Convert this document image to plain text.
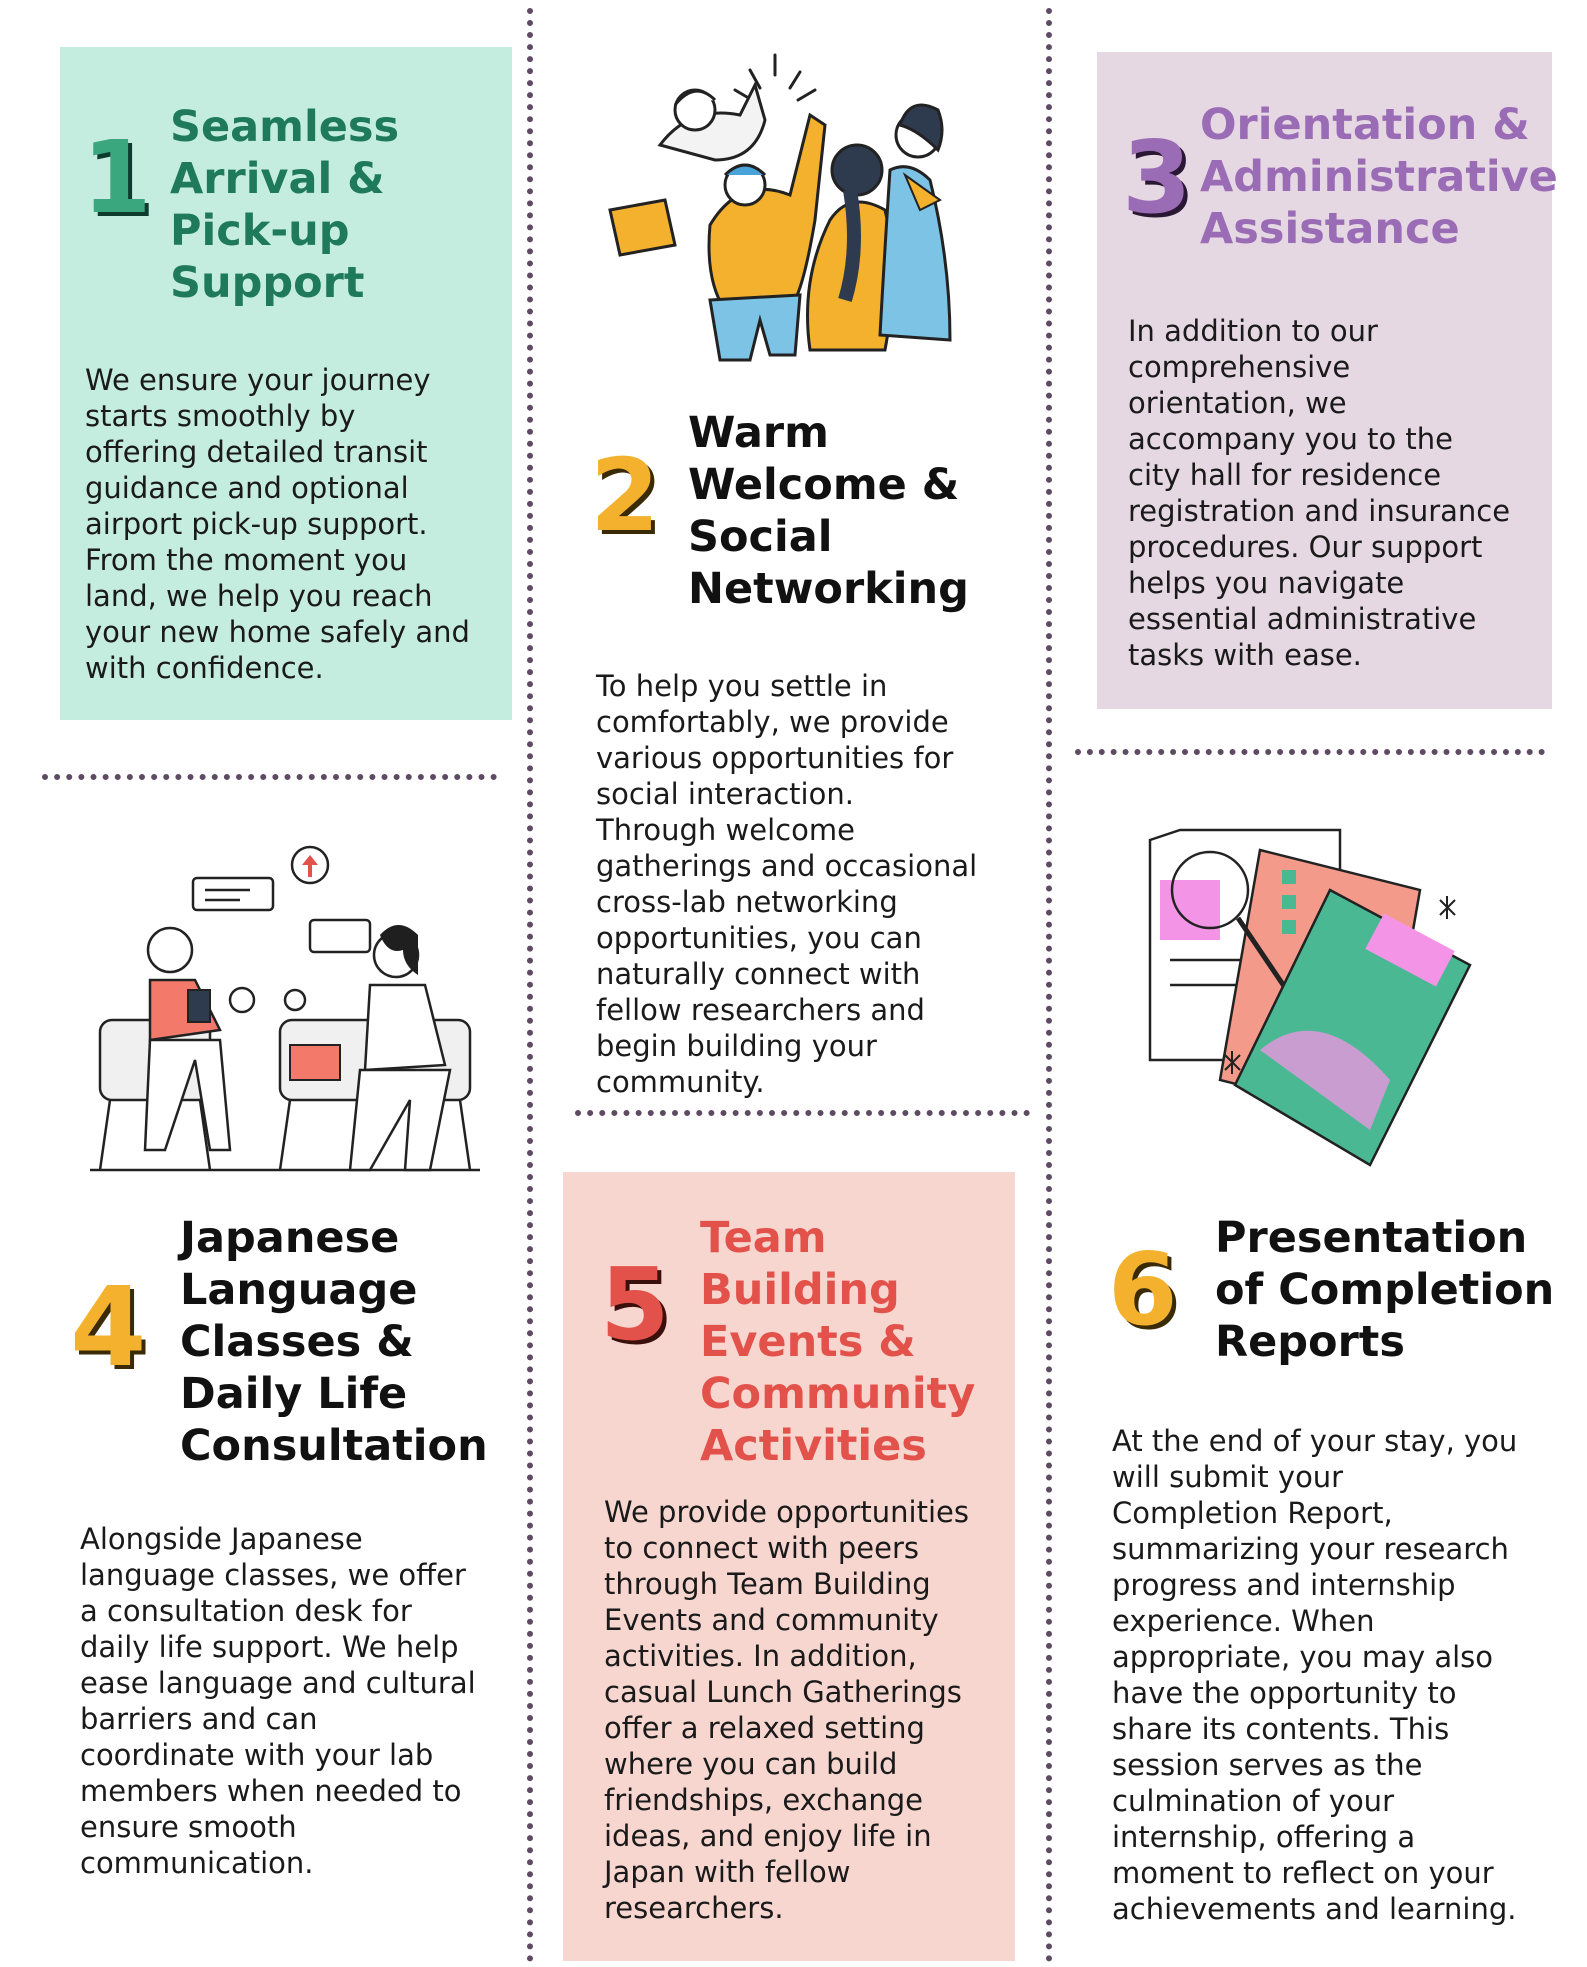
1 Seamless
Arrival &
Pick-up
Support
We ensure your journey
starts smoothly by
offering detailed transit
guidance and optional
airport pick-up support.
From the moment you
land, we help you reach
your new home safely and
with confidence.
2
Warm
Welcome &
Social
Networking
To help you settle in
comfortably, we provide
various opportunities for
social interaction.
Through welcome
gatherings and occasional
cross-lab networking
opportunities, you can
naturally connect with
fellow researchers and
begin building your
community.
3 Orientation &
Administrative
Assistance
In addition to our
comprehensive
orientation, we
accompany you to the
city hall for residence
registration and insurance
procedures. Our support
helps you navigate
essential administrative
tasks with ease.
4
Japanese
Language
Classes &
Daily Life
Consultation
Alongside Japanese
language classes, we offer
a consultation desk for
daily life support. We help
ease language and cultural
barriers and can
coordinate with your lab
members when needed to
ensure smooth
communication.
5
Team
Building
Events &
Community
Activities
We provide opportunities
to connect with peers
through Team Building
Events and community
activities. In addition,
casual Lunch Gatherings
offer a relaxed setting
where you can build
friendships, exchange
ideas, and enjoy life in
Japan with fellow
researchers.
6 Presentation
of Completion
Reports
At the end of your stay, you
will submit your
Completion Report,
summarizing your research
progress and internship
experience. When
appropriate, you may also
have the opportunity to
share its contents. This
session serves as the
culmination of your
internship, offering a
moment to reflect on your
achievements and learning.
